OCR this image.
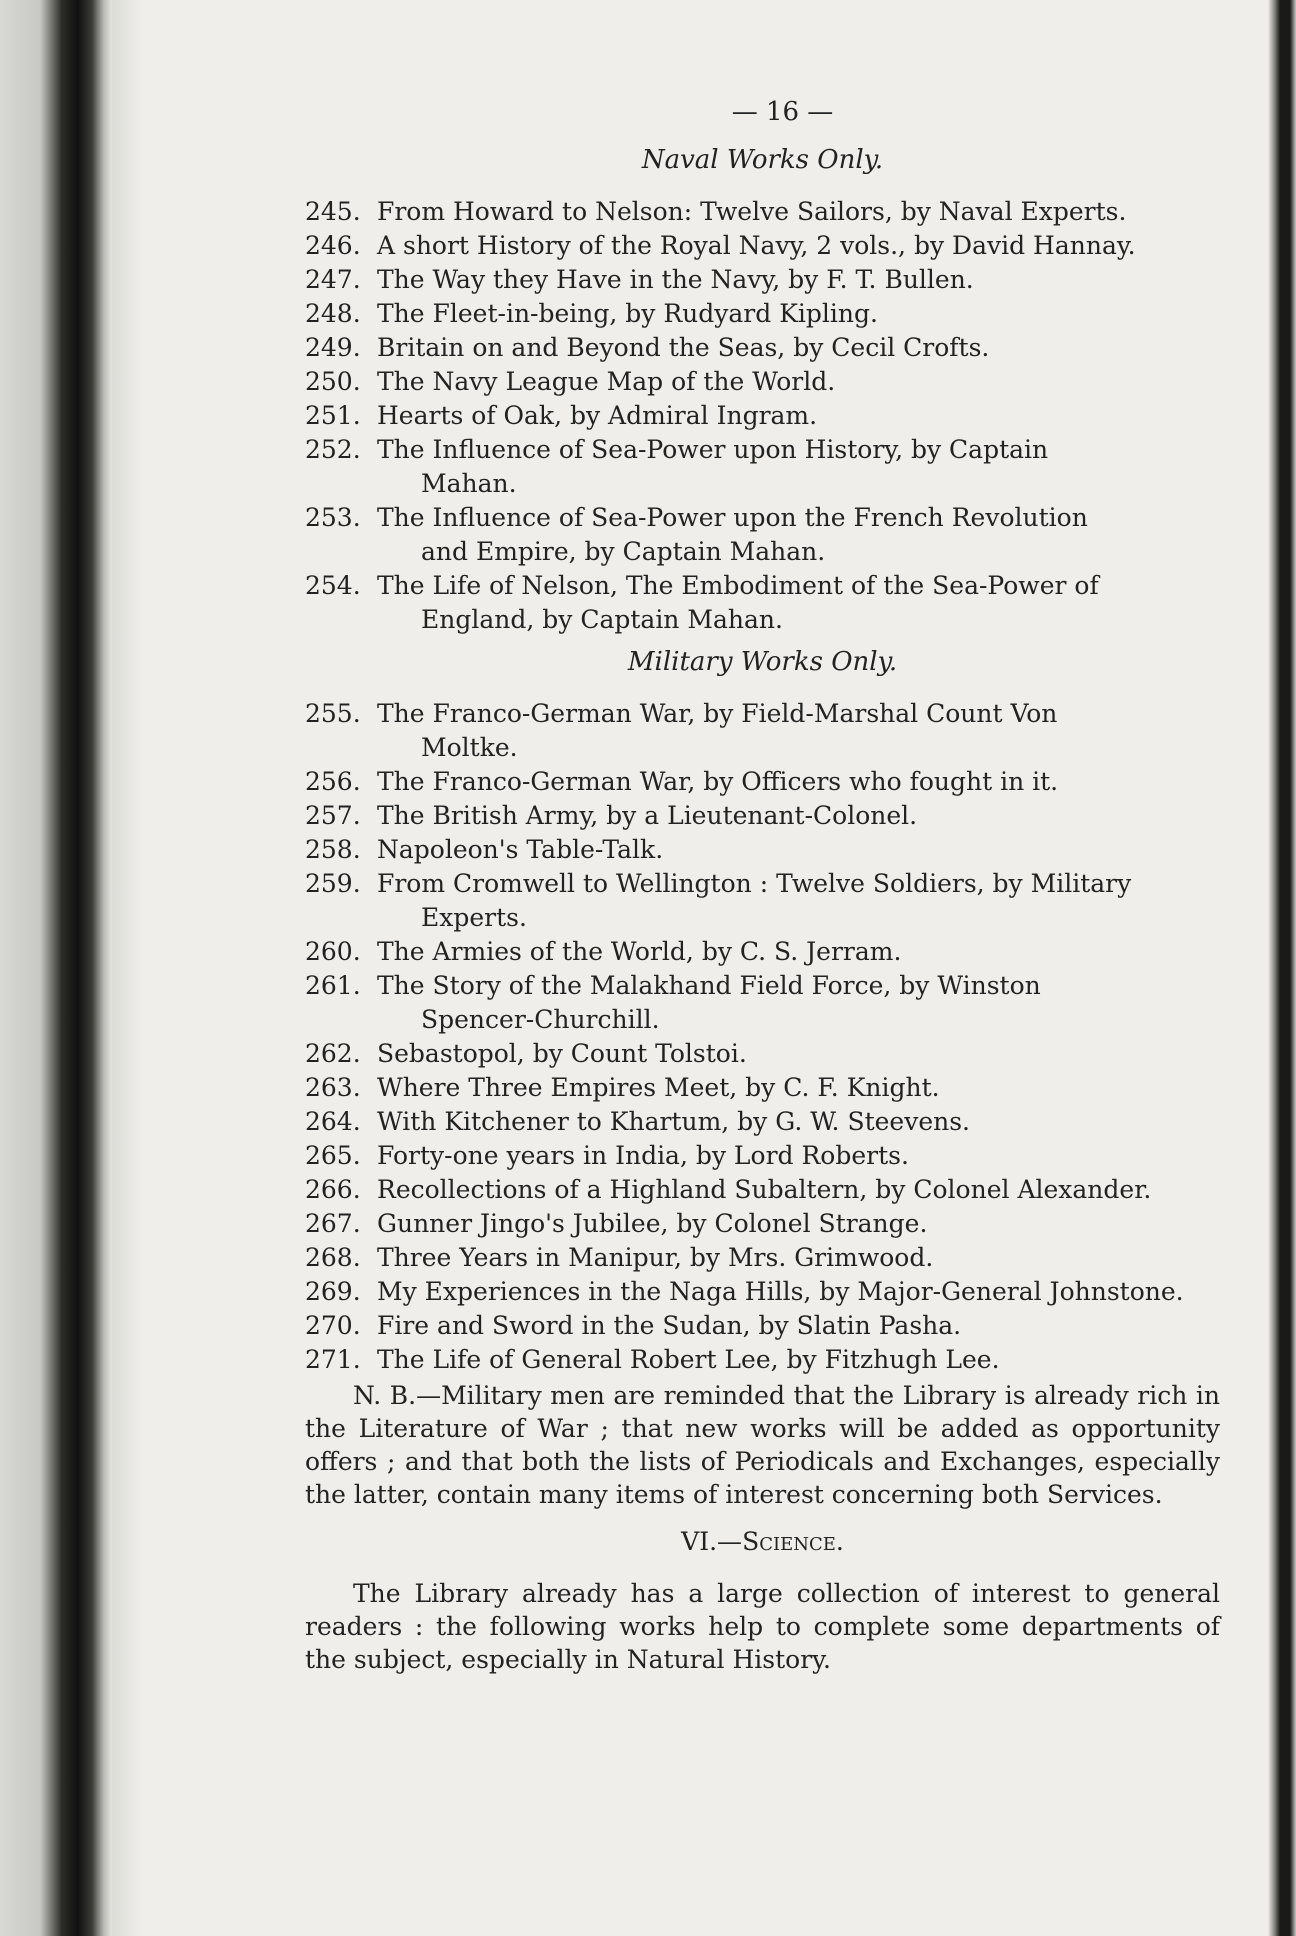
— 16 —
Naval Works Only.
245. From Howard to Nelson: Twelve Sailors, by Naval Experts.
246. A short History of the Royal Navy, 2 vols., by David Hannay.
247. The Way they Have in the Navy, by F. T. Bullen.
248. The Fleet-in-being, by Rudyard Kipling.
249. Britain on and Beyond the Seas, by Cecil Crofts.
250. The Navy League Map of the World.
251. Hearts of Oak, by Admiral Ingram.
252. The Influence of Sea-Power upon History, by Captain
Mahan.
253. The Influence of Sea-Power upon the French Revolution
and Empire, by Captain Mahan.
254. The Life of Nelson, The Embodiment of the Sea-Power of
England, by Captain Mahan.
Military Works Only.
255. The Franco-German War, by Field-Marshal Count Von
Moltke.
256. The Franco-German War, by Officers who fought in it.
257. The British Army, by a Lieutenant-Colonel.
258. Napoleon's Table-Talk.
259. From Cromwell to Wellington : Twelve Soldiers, by Military
Experts.
260. The Armies of the World, by C. S. Jerram.
261. The Story of the Malakhand Field Force, by Winston
Spencer-Churchill.
262. Sebastopol, by Count Tolstoi.
263. Where Three Empires Meet, by C. F. Knight.
264. With Kitchener to Khartum, by G. W. Steevens.
265. Forty-one years in India, by Lord Roberts.
266. Recollections of a Highland Subaltern, by Colonel Alexander.
267. Gunner Jingo's Jubilee, by Colonel Strange.
268. Three Years in Manipur, by Mrs. Grimwood.
269. My Experiences in the Naga Hills, by Major-General Johnstone.
270. Fire and Sword in the Sudan, by Slatin Pasha.
271. The Life of General Robert Lee, by Fitzhugh Lee.

N. B.—Military men are reminded that the Library is already rich in the Literature of War ; that new works will be added as opportunity offers ; and that both the lists of Periodicals and Exchanges, especially the latter, contain many items of interest concerning both Services.

VI.—Science.

The Library already has a large collection of interest to general readers : the following works help to complete some departments of the subject, especially in Natural History.
